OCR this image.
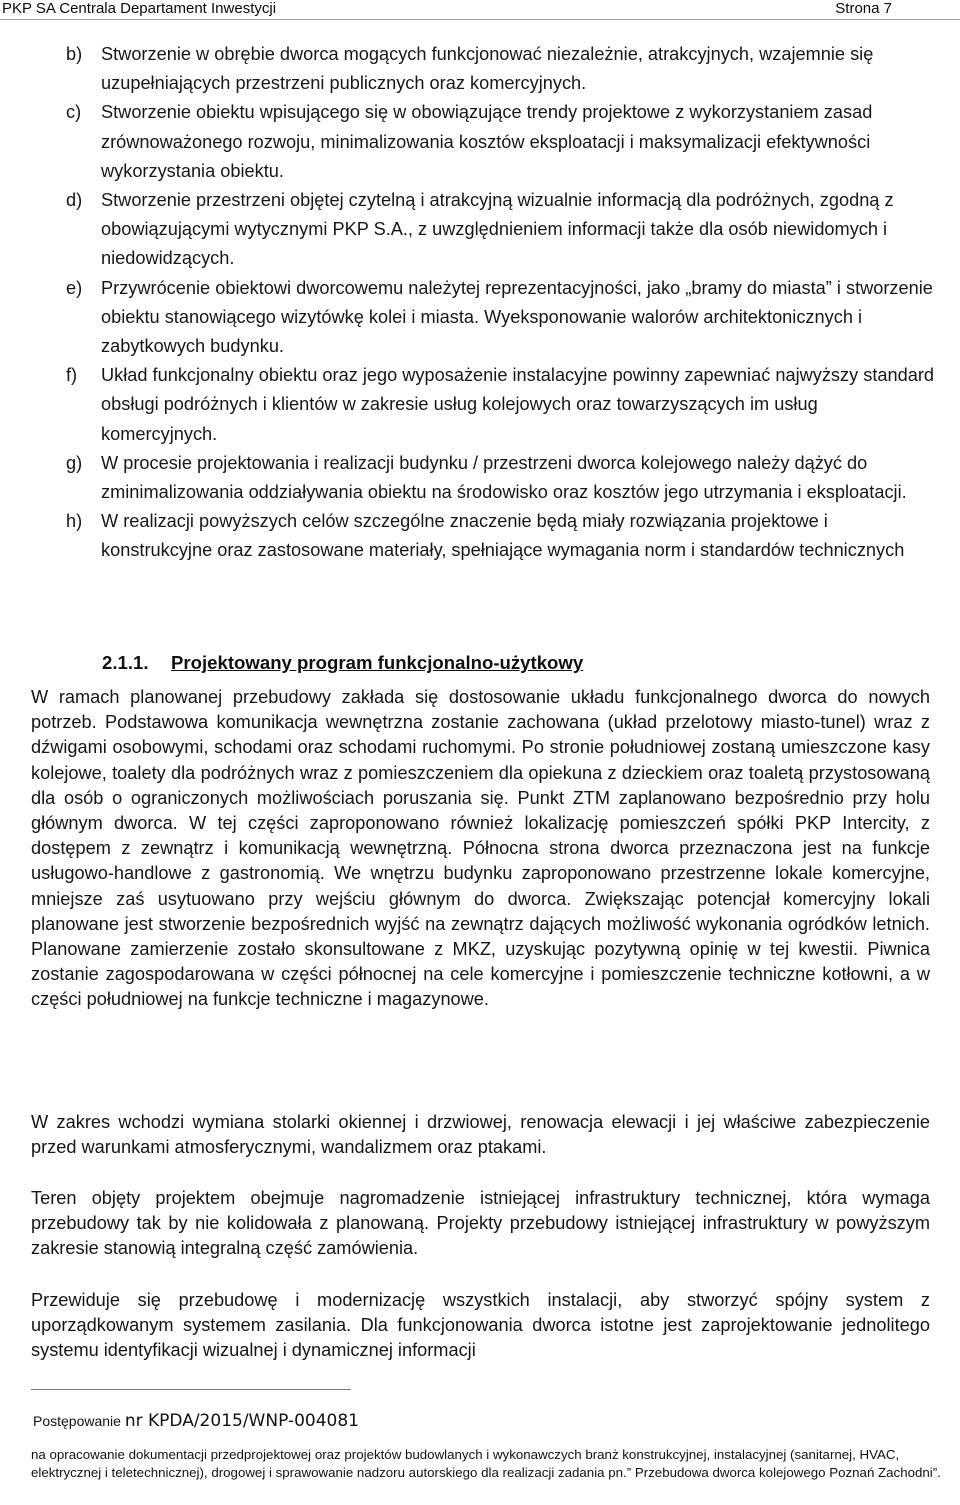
PKP SA Centrala Departament Inwestycji	Strona 7
b) Stworzenie w obrębie dworca mogących funkcjonować niezależnie, atrakcyjnych, wzajemnie się uzupełniających przestrzeni publicznych oraz komercyjnych.
c) Stworzenie obiektu wpisującego się w obowiązujące trendy projektowe z wykorzystaniem zasad zrównoważonego rozwoju, minimalizowania kosztów eksploatacji i maksymalizacji efektywności wykorzystania obiektu.
d) Stworzenie przestrzeni objętej czytelną i atrakcyjną wizualnie informacją dla podróżnych, zgodną z obowiązującymi wytycznymi PKP S.A., z uwzględnieniem informacji także dla osób niewidomych i niedowidzących.
e) Przywrócenie obiektowi dworcowemu należytej reprezentacyjności, jako „bramy do miasta” i stworzenie obiektu stanowiącego wizytówkę kolei i miasta. Wyeksponowanie walorów architektonicznych i zabytkowych budynku.
f) Układ funkcjonalny obiektu oraz jego wyposażenie instalacyjne powinny zapewniać najwyższy standard obsługi podróżnych i klientów w zakresie usług kolejowych oraz towarzyszących im usług komercyjnych.
g) W procesie projektowania i realizacji budynku / przestrzeni dworca kolejowego należy dążyć do zminimalizowania oddziaływania obiektu na środowisko oraz kosztów jego utrzymania i eksploatacji.
h) W realizacji powyższych celów szczególne znaczenie będą miały rozwiązania projektowe i konstrukcyjne oraz zastosowane materiały, spełniające wymagania norm i standardów technicznych
2.1.1. Projektowany program funkcjonalno-użytkowy

W ramach planowanej przebudowy zakłada się dostosowanie układu funkcjonalnego dworca do nowych potrzeb. Podstawowa komunikacja wewnętrzna zostanie zachowana (układ przelotowy miasto-tunel) wraz z dźwigami osobowymi, schodami oraz schodami ruchomymi. Po stronie południowej zostaną umieszczone kasy kolejowe, toalety dla podróżnych wraz z pomieszczeniem dla opiekuna z dzieckiem oraz toaletą przystosowaną dla osób o ograniczonych możliwościach poruszania się. Punkt ZTM zaplanowano bezpośrednio przy holu głównym dworca. W tej części zaproponowano również lokalizację pomieszczeń spółki PKP Intercity, z dostępem z zewnątrz i komunikacją wewnętrzną. Północna strona dworca przeznaczona jest na funkcje usługowo-handlowe z gastronomią. We wnętrzu budynku zaproponowano przestrzenne lokale komercyjne, mniejsze zaś usytuowano przy wejściu głównym do dworca. Zwiększając potencjał komercyjny lokali planowane jest stworzenie bezpośrednich wyjść na zewnątrz dających możliwość wykonania ogródków letnich. Planowane zamierzenie zostało skonsultowane z MKZ, uzyskując pozytywną opinię w tej kwestii. Piwnica zostanie zagospodarowana w części północnej na cele komercyjne i pomieszczenie techniczne kotłowni, a w części południowej na funkcje techniczne i magazynowe.

W zakres wchodzi wymiana stolarki okiennej i drzwiowej, renowacja elewacji i jej właściwe zabezpieczenie przed warunkami atmosferycznymi, wandalizmem oraz ptakami.

Teren objęty projektem obejmuje nagromadzenie istniejącej infrastruktury technicznej, która wymaga przebudowy tak by nie kolidowała z planowaną. Projekty przebudowy istniejącej infrastruktury w powyższym zakresie stanowią integralną część zamówienia.

Przewiduje się przebudowę i modernizację wszystkich instalacji, aby stworzyć spójny system z uporządkowanym systemem zasilania. Dla funkcjonowania dworca istotne jest zaprojektowanie jednolitego systemu identyfikacji wizualnej i dynamicznej informacji

Postępowanie nr KPDA/2015/WNP-004081

na opracowanie dokumentacji przedprojektowej oraz projektów budowlanych i wykonawczych branż konstrukcyjnej, instalacyjnej (sanitarnej, HVAC, elektrycznej i teletechnicznej), drogowej i sprawowanie nadzoru autorskiego dla realizacji zadania pn.” Przebudowa dworca kolejowego Poznań Zachodni”.
